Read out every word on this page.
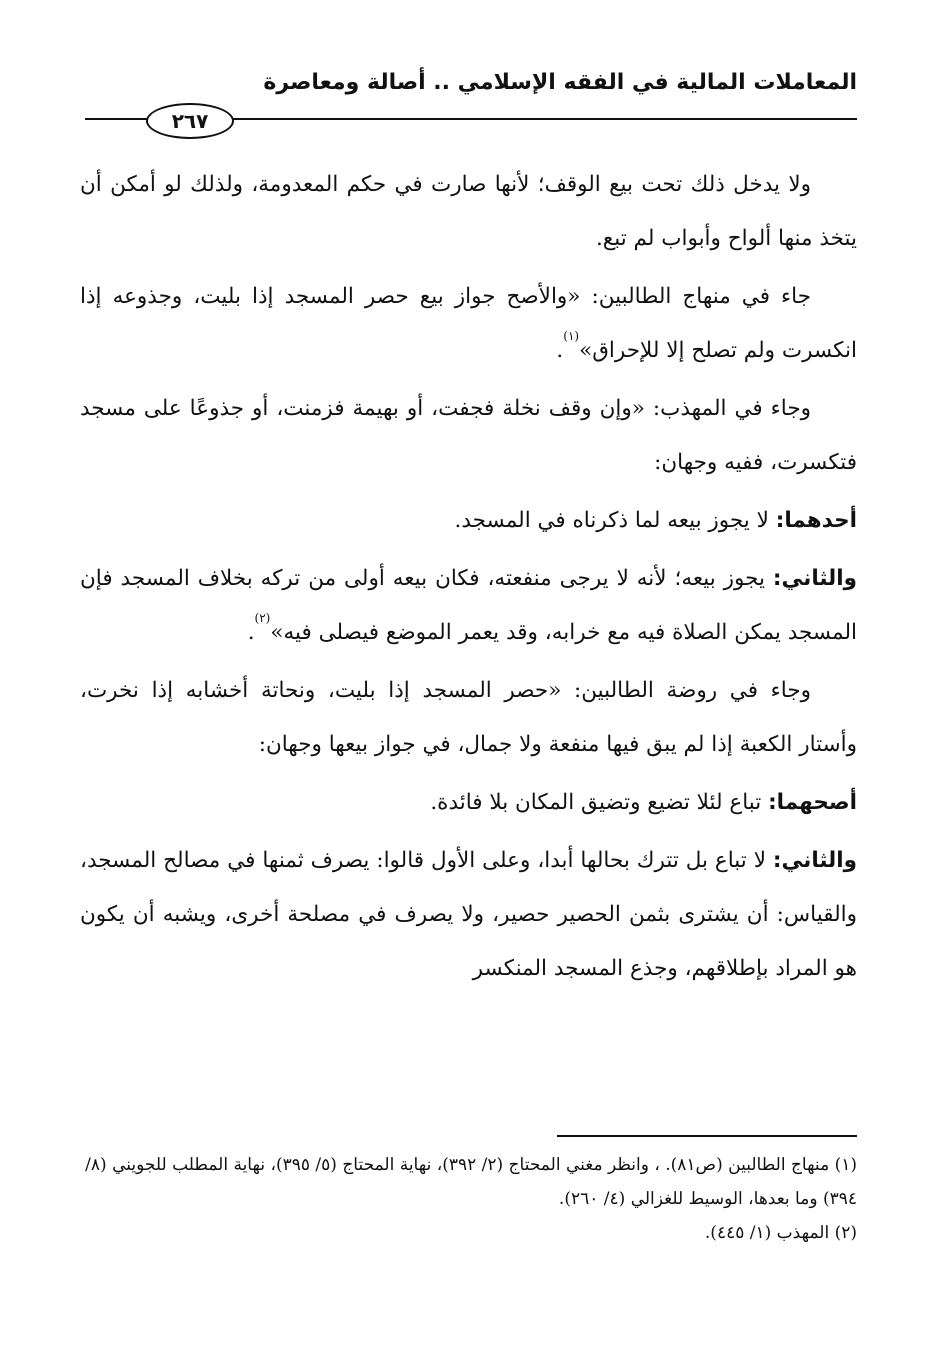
المعاملات المالية في الفقه الإسلامي .. أصالة ومعاصرة
٢٦٧

ولا يدخل ذلك تحت بيع الوقف؛ لأنها صارت في حكم المعدومة، ولذلك لو أمكن أن يتخذ منها ألواح وأبواب لم تبع.

جاء في منهاج الطالبين: «والأصح جواز بيع حصر المسجد إذا بليت، وجذوعه إذا انكسرت ولم تصلح إلا للإحراق»$^{(١)}$.

وجاء في المهذب: «وإن وقف نخلة فجفت، أو بهيمة فزمنت، أو جذوعًا على مسجد فتكسرت، ففيه وجهان:

أحدهما: لا يجوز بيعه لما ذكرناه في المسجد.

والثاني: يجوز بيعه؛ لأنه لا يرجى منفعته، فكان بيعه أولى من تركه بخلاف المسجد فإن المسجد يمكن الصلاة فيه مع خرابه، وقد يعمر الموضع فيصلى فيه»$^{(٢)}$.

وجاء في روضة الطالبين: «حصر المسجد إذا بليت، ونحاتة أخشابه إذا نخرت، وأستار الكعبة إذا لم يبق فيها منفعة ولا جمال، في جواز بيعها وجهان:

أصحهما: تباع لئلا تضيع وتضيق المكان بلا فائدة.

والثاني: لا تباع بل تترك بحالها أبدا، وعلى الأول قالوا: يصرف ثمنها في مصالح المسجد، والقياس: أن يشترى بثمن الحصير حصير، ولا يصرف في مصلحة أخرى، ويشبه أن يكون هو المراد بإطلاقهم، وجذع المسجد المنكسر

(١) منهاج الطالبين (ص٨١). ، وانظر مغني المحتاج (٢/ ٣٩٢)، نهاية المحتاج (٥/ ٣٩٥)، نهاية المطلب للجويني (٨/ ٣٩٤) وما بعدها، الوسيط للغزالي (٤/ ٢٦٠).

(٢) المهذب (١/ ٤٤٥).
